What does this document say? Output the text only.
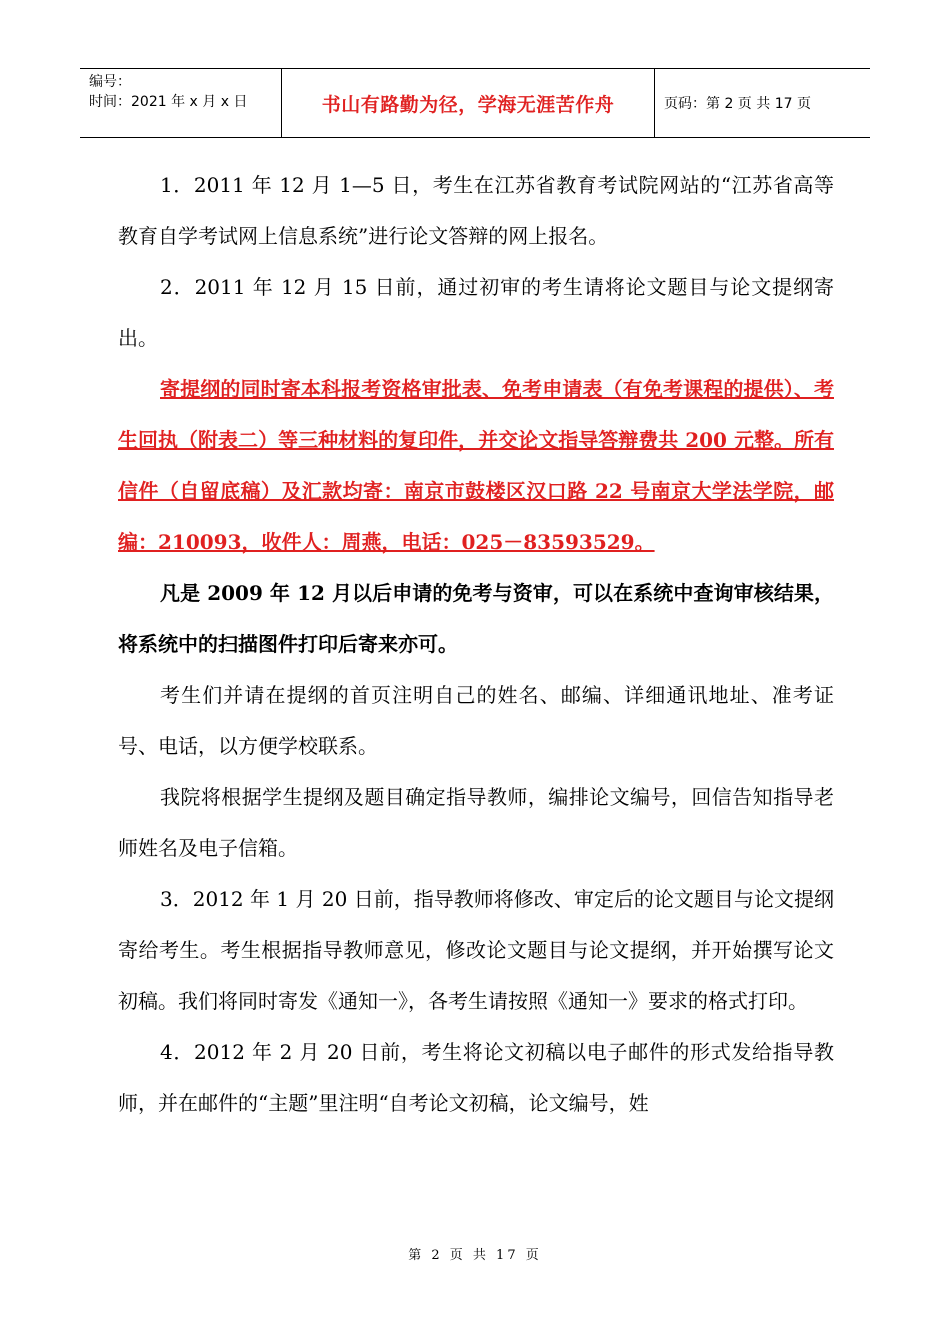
编号：
时间：2021 年 x 月 x 日	书山有路勤为径，学海无涯苦作舟	页码：第 2 页 共 17 页

1．2011 年 12 月 1—5 日，考生在江苏省教育考试院网站的“江苏省高等教育自学考试网上信息系统”进行论文答辩的网上报名。

2．2011 年 12 月 15 日前，通过初审的考生请将论文题目与论文提纲寄出。

寄提纲的同时寄本科报考资格审批表、免考申请表（有免考课程的提供）、考生回执（附表二）等三种材料的复印件，并交论文指导答辩费共 200 元整。所有信件（自留底稿）及汇款均寄：南京市鼓楼区汉口路 22 号南京大学法学院，邮编：210093，收件人：周燕，电话：025－83593529。

凡是 2009 年 12 月以后申请的免考与资审，可以在系统中查询审核结果，将系统中的扫描图件打印后寄来亦可。

考生们并请在提纲的首页注明自己的姓名、邮编、详细通讯地址、准考证号、电话，以方便学校联系。

我院将根据学生提纲及题目确定指导教师，编排论文编号，回信告知指导老师姓名及电子信箱。

3．2012 年 1 月 20 日前，指导教师将修改、审定后的论文题目与论文提纲寄给考生。考生根据指导教师意见，修改论文题目与论文提纲，并开始撰写论文初稿。我们将同时寄发《通知一》，各考生请按照《通知一》要求的格式打印。

4．2012 年 2 月 20 日前，考生将论文初稿以电子邮件的形式发给指导教师，并在邮件的“主题”里注明“自考论文初稿，论文编号，姓

第 2 页 共 17 页
